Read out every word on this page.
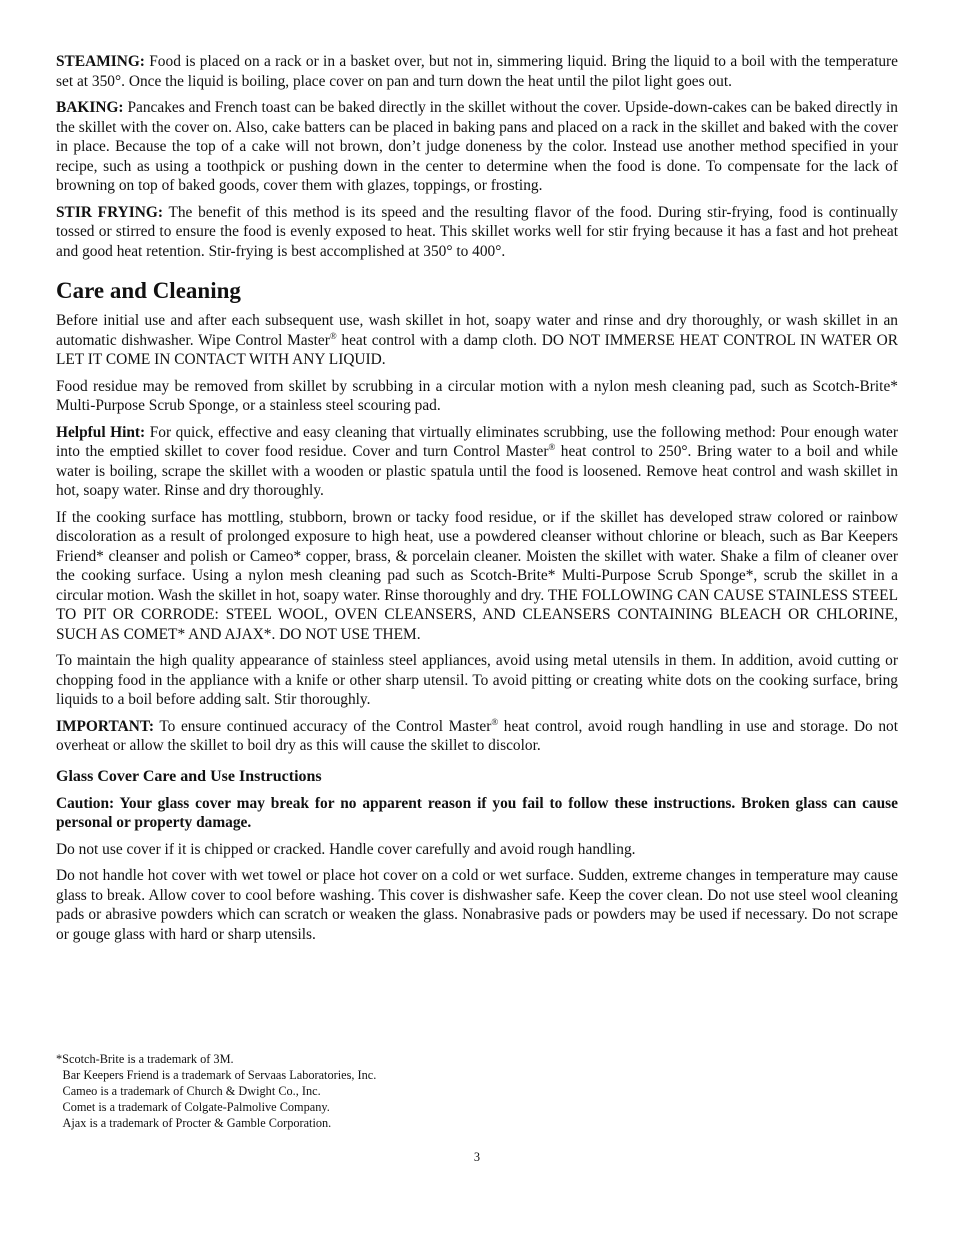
STEAMING: Food is placed on a rack or in a basket over, but not in, simmering liquid. Bring the liquid to a boil with the temperature set at 350°. Once the liquid is boiling, place cover on pan and turn down the heat until the pilot light goes out.

BAKING: Pancakes and French toast can be baked directly in the skillet without the cover. Upside-down-cakes can be baked directly in the skillet with the cover on. Also, cake batters can be placed in baking pans and placed on a rack in the skillet and baked with the cover in place. Because the top of a cake will not brown, don’t judge doneness by the color. Instead use another method specified in your recipe, such as using a toothpick or pushing down in the center to determine when the food is done. To compensate for the lack of browning on top of baked goods, cover them with glazes, toppings, or frosting.

STIR FRYING: The benefit of this method is its speed and the resulting flavor of the food. During stir-frying, food is continually tossed or stirred to ensure the food is evenly exposed to heat. This skillet works well for stir frying because it has a fast and hot preheat and good heat retention. Stir-frying is best accomplished at 350° to 400°.

Care and Cleaning

Before initial use and after each subsequent use, wash skillet in hot, soapy water and rinse and dry thoroughly, or wash skillet in an automatic dishwasher. Wipe Control Master® heat control with a damp cloth. DO NOT IMMERSE HEAT CONTROL IN WATER OR LET IT COME IN CONTACT WITH ANY LIQUID.

Food residue may be removed from skillet by scrubbing in a circular motion with a nylon mesh cleaning pad, such as Scotch-Brite* Multi-Purpose Scrub Sponge, or a stainless steel scouring pad.

Helpful Hint: For quick, effective and easy cleaning that virtually eliminates scrubbing, use the following method: Pour enough water into the emptied skillet to cover food residue. Cover and turn Control Master® heat control to 250°. Bring water to a boil and while water is boiling, scrape the skillet with a wooden or plastic spatula until the food is loosened. Remove heat control and wash skillet in hot, soapy water. Rinse and dry thoroughly.

If the cooking surface has mottling, stubborn, brown or tacky food residue, or if the skillet has developed straw colored or rainbow discoloration as a result of prolonged exposure to high heat, use a powdered cleanser without chlorine or bleach, such as Bar Keepers Friend* cleanser and polish or Cameo* copper, brass, & porcelain cleaner. Moisten the skillet with water. Shake a film of cleaner over the cooking surface. Using a nylon mesh cleaning pad such as Scotch-Brite* Multi-Purpose Scrub Sponge*, scrub the skillet in a circular motion. Wash the skillet in hot, soapy water. Rinse thoroughly and dry. THE FOLLOWING CAN CAUSE STAINLESS STEEL TO PIT OR CORRODE: STEEL WOOL, OVEN CLEANSERS, AND CLEANSERS CONTAINING BLEACH OR CHLORINE, SUCH AS COMET* AND AJAX*. DO NOT USE THEM.

To maintain the high quality appearance of stainless steel appliances, avoid using metal utensils in them. In addition, avoid cutting or chopping food in the appliance with a knife or other sharp utensil. To avoid pitting or creating white dots on the cooking surface, bring liquids to a boil before adding salt. Stir thoroughly.

IMPORTANT: To ensure continued accuracy of the Control Master® heat control, avoid rough handling in use and storage. Do not overheat or allow the skillet to boil dry as this will cause the skillet to discolor.

Glass Cover Care and Use Instructions

Caution: Your glass cover may break for no apparent reason if you fail to follow these instructions. Broken glass can cause personal or property damage.

Do not use cover if it is chipped or cracked. Handle cover carefully and avoid rough handling.

Do not handle hot cover with wet towel or place hot cover on a cold or wet surface. Sudden, extreme changes in temperature may cause glass to break. Allow cover to cool before washing. This cover is dishwasher safe. Keep the cover clean. Do not use steel wool cleaning pads or abrasive powders which can scratch or weaken the glass. Nonabrasive pads or powders may be used if necessary. Do not scrape or gouge glass with hard or sharp utensils.

*Scotch-Brite is a trademark of 3M.
Bar Keepers Friend is a trademark of Servaas Laboratories, Inc.
Cameo is a trademark of Church & Dwight Co., Inc.
Comet is a trademark of Colgate-Palmolive Company.
Ajax is a trademark of Procter & Gamble Corporation.
3
